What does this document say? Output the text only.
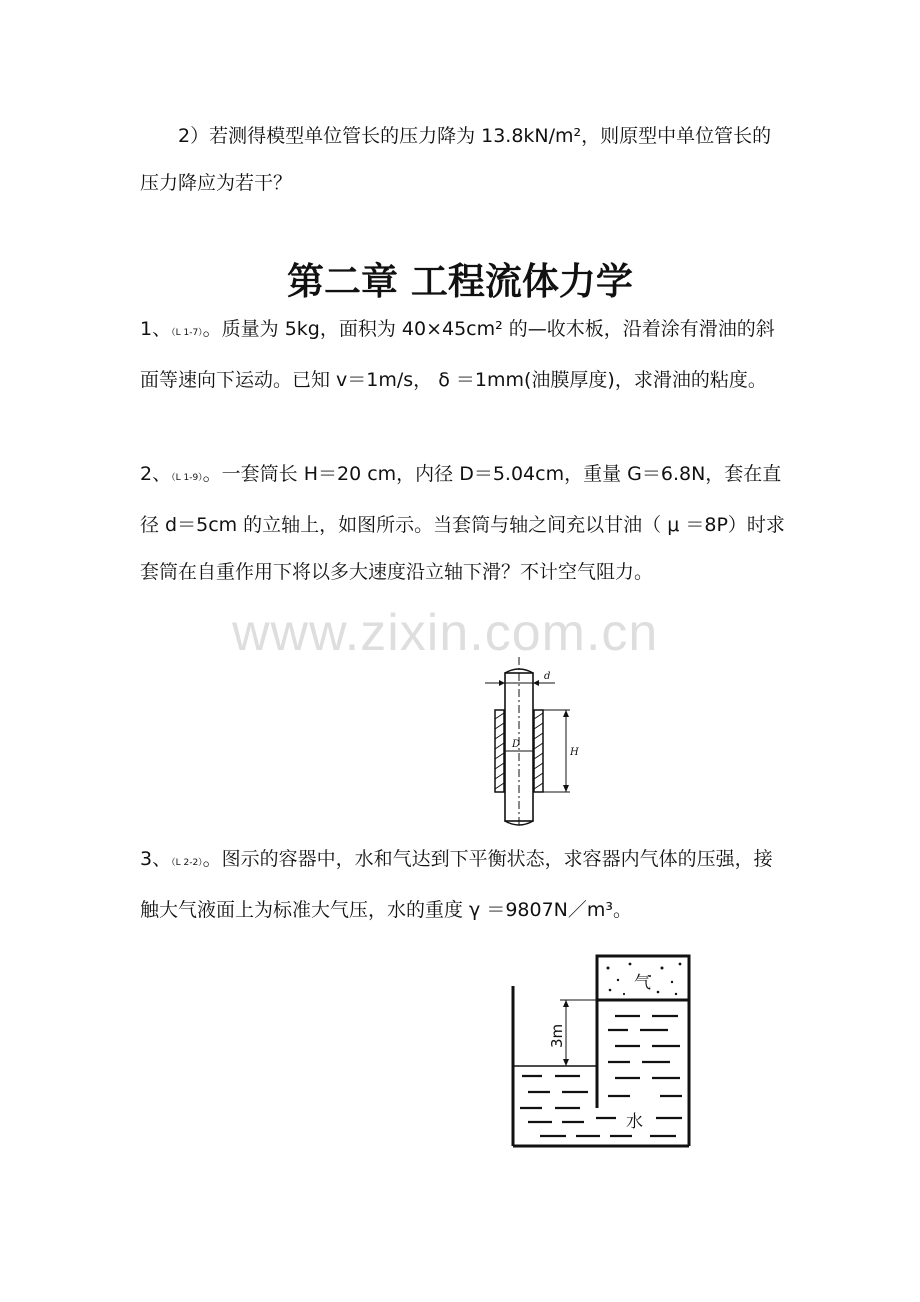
2）若测得模型单位管长的压力降为 13.8kN/m²，则原型中单位管长的压力降应为若干？

第二章 工程流体力学

1、（L 1-7）。质量为 5kg，面积为 40×45cm² 的—收木板，沿着涂有滑油的斜面等速向下运动。已知 v＝1m/s， δ ＝1mm(油膜厚度)，求滑油的粘度。

2、（L 1-9）。一套筒长 H＝20 cm，内径 D＝5.04cm，重量 G＝6.8N，套在直径 d＝5cm 的立轴上，如图所示。当套筒与轴之间充以甘油（ μ ＝8P）时求套筒在自重作用下将以多大速度沿立轴下滑？不计空气阻力。

www.zixin.com.cn
d
D
H

3、（L 2-2）。图示的容器中，水和气达到下平衡状态，求容器内气体的压强，接触大气液面上为标准大气压，水的重度 γ ＝9807N／m³。

气
3m
水
